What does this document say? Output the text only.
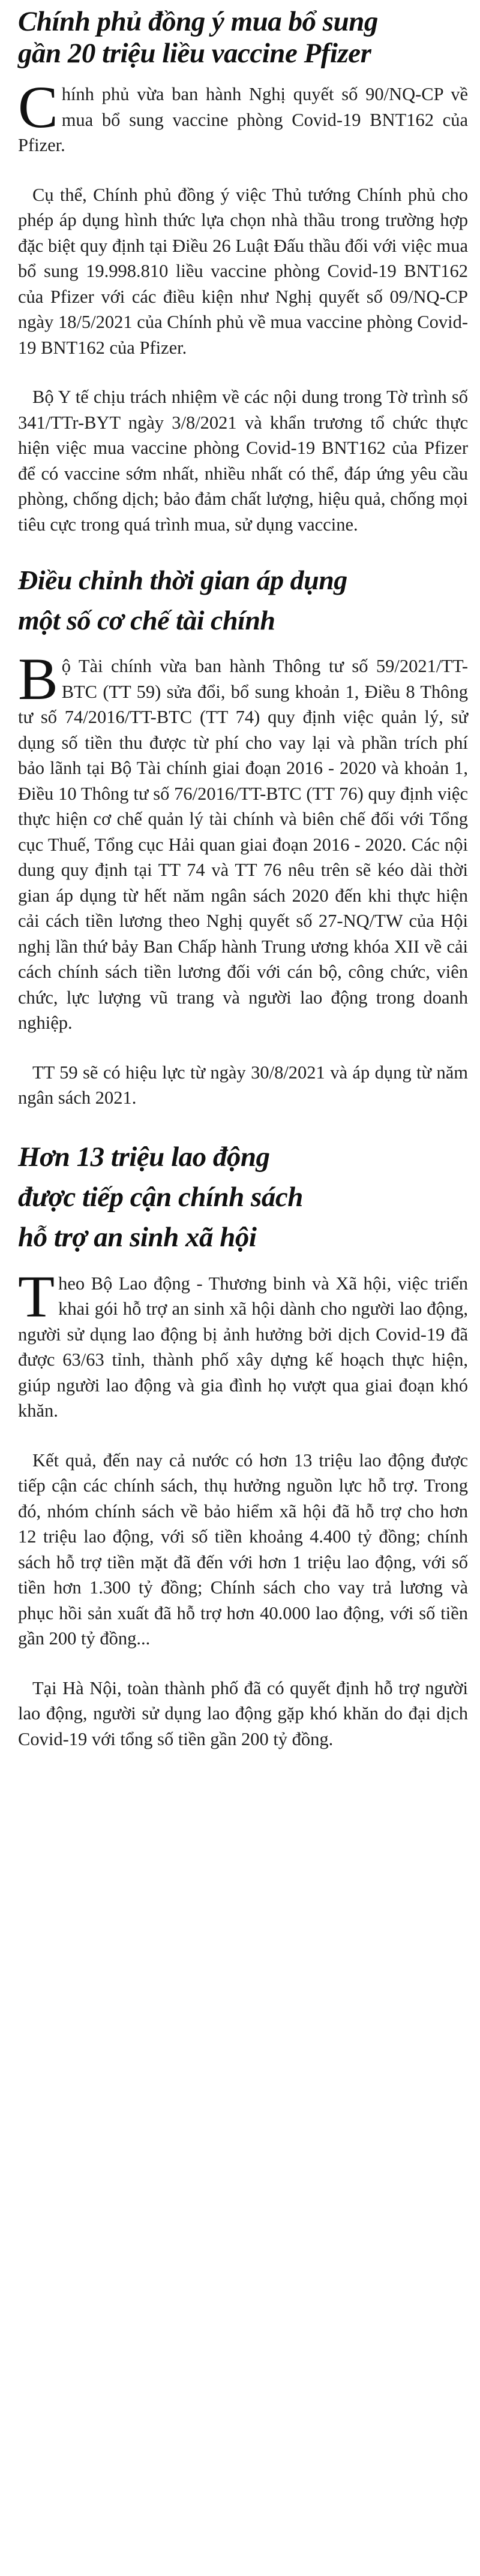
Chính phủ đồng ý mua bổ sung
gần 20 triệu liều vaccine Pfizer

Chính phủ vừa ban hành Nghị quyết số 90/NQ-CP về mua bổ sung vaccine phòng Covid-19 BNT162 của Pfizer.

Cụ thể, Chính phủ đồng ý việc Thủ tướng Chính phủ cho phép áp dụng hình thức lựa chọn nhà thầu trong trường hợp đặc biệt quy định tại Điều 26 Luật Đấu thầu đối với việc mua bổ sung 19.998.810 liều vaccine phòng Covid-19 BNT162 của Pfizer với các điều kiện như Nghị quyết số 09/NQ-CP ngày 18/5/2021 của Chính phủ về mua vaccine phòng Covid-19 BNT162 của Pfizer.

Bộ Y tế chịu trách nhiệm về các nội dung trong Tờ trình số 341/TTr-BYT ngày 3/8/2021 và khẩn trương tổ chức thực hiện việc mua vaccine phòng Covid-19 BNT162 của Pfizer để có vaccine sớm nhất, nhiều nhất có thể, đáp ứng yêu cầu phòng, chống dịch; bảo đảm chất lượng, hiệu quả, chống mọi tiêu cực trong quá trình mua, sử dụng vaccine.

Điều chỉnh thời gian áp dụng
một số cơ chế tài chính

Bộ Tài chính vừa ban hành Thông tư số 59/2021/TT-BTC (TT 59) sửa đổi, bổ sung khoản 1, Điều 8 Thông tư số 74/2016/TT-BTC (TT 74) quy định việc quản lý, sử dụng số tiền thu được từ phí cho vay lại và phần trích phí bảo lãnh tại Bộ Tài chính giai đoạn 2016 - 2020 và khoản 1, Điều 10 Thông tư số 76/2016/TT-BTC (TT 76) quy định việc thực hiện cơ chế quản lý tài chính và biên chế đối với Tổng cục Thuế, Tổng cục Hải quan giai đoạn 2016 - 2020. Các nội dung quy định tại TT 74 và TT 76 nêu trên sẽ kéo dài thời gian áp dụng từ hết năm ngân sách 2020 đến khi thực hiện cải cách tiền lương theo Nghị quyết số 27-NQ/TW của Hội nghị lần thứ bảy Ban Chấp hành Trung ương khóa XII về cải cách chính sách tiền lương đối với cán bộ, công chức, viên chức, lực lượng vũ trang và người lao động trong doanh nghiệp.

TT 59 sẽ có hiệu lực từ ngày 30/8/2021 và áp dụng từ năm ngân sách 2021.

Hơn 13 triệu lao động
được tiếp cận chính sách
hỗ trợ an sinh xã hội

Theo Bộ Lao động - Thương binh và Xã hội, việc triển khai gói hỗ trợ an sinh xã hội dành cho người lao động, người sử dụng lao động bị ảnh hưởng bởi dịch Covid-19 đã được 63/63 tỉnh, thành phố xây dựng kế hoạch thực hiện, giúp người lao động và gia đình họ vượt qua giai đoạn khó khăn.

Kết quả, đến nay cả nước có hơn 13 triệu lao động được tiếp cận các chính sách, thụ hưởng nguồn lực hỗ trợ. Trong đó, nhóm chính sách về bảo hiểm xã hội đã hỗ trợ cho hơn 12 triệu lao động, với số tiền khoảng 4.400 tỷ đồng; chính sách hỗ trợ tiền mặt đã đến với hơn 1 triệu lao động, với số tiền hơn 1.300 tỷ đồng; Chính sách cho vay trả lương và phục hồi sản xuất đã hỗ trợ hơn 40.000 lao động, với số tiền gần 200 tỷ đồng...

Tại Hà Nội, toàn thành phố đã có quyết định hỗ trợ người lao động, người sử dụng lao động gặp khó khăn do đại dịch Covid-19 với tổng số tiền gần 200 tỷ đồng.
